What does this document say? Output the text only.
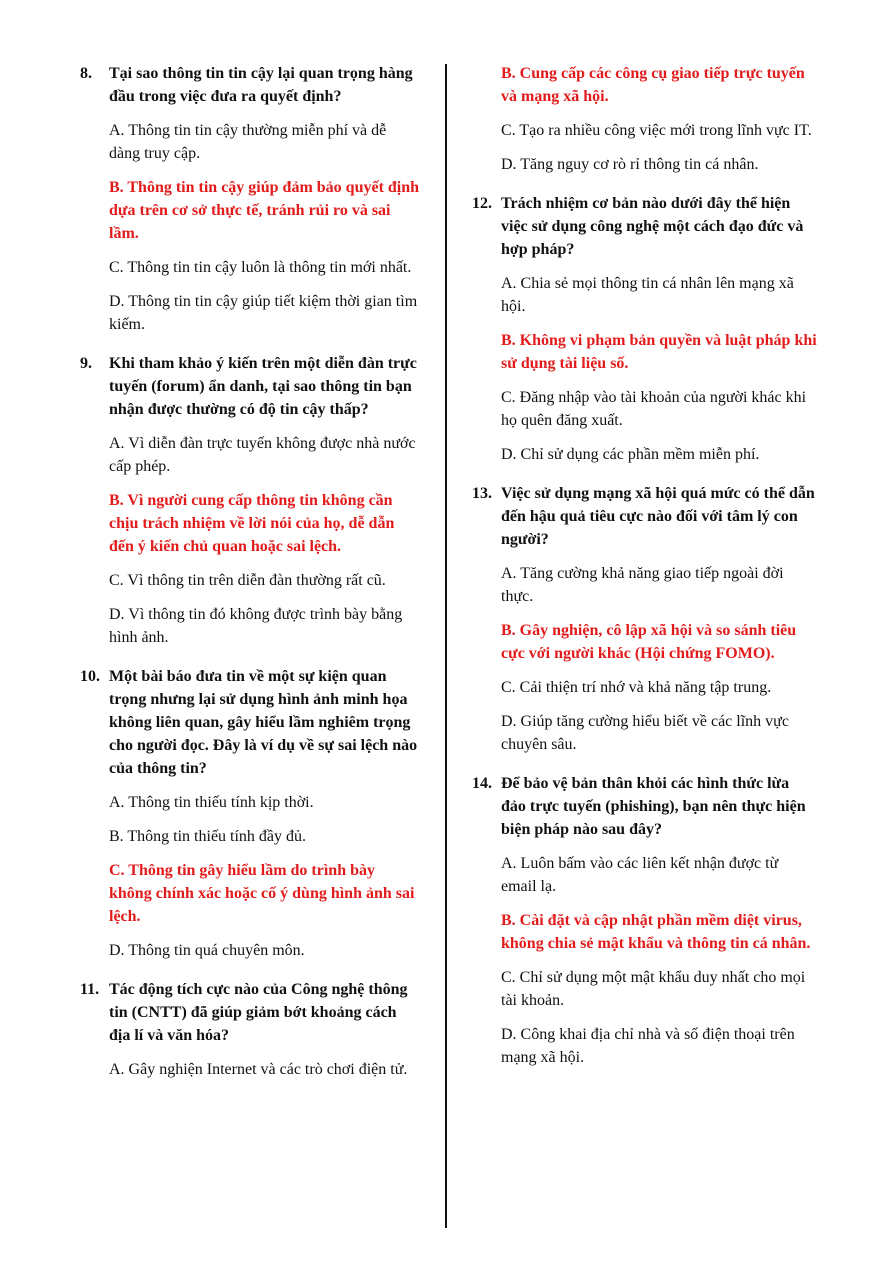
8. Tại sao thông tin tin cậy lại quan trọng hàng đầu trong việc đưa ra quyết định?
A. Thông tin tin cậy thường miễn phí và dễ dàng truy cập.
B. Thông tin tin cậy giúp đảm bảo quyết định dựa trên cơ sở thực tế, tránh rủi ro và sai lầm.
C. Thông tin tin cậy luôn là thông tin mới nhất.
D. Thông tin tin cậy giúp tiết kiệm thời gian tìm kiếm.
9. Khi tham khảo ý kiến trên một diễn đàn trực tuyến (forum) ẩn danh, tại sao thông tin bạn nhận được thường có độ tin cậy thấp?
A. Vì diễn đàn trực tuyến không được nhà nước cấp phép.
B. Vì người cung cấp thông tin không cần chịu trách nhiệm về lời nói của họ, dễ dẫn đến ý kiến chủ quan hoặc sai lệch.
C. Vì thông tin trên diễn đàn thường rất cũ.
D. Vì thông tin đó không được trình bày bằng hình ảnh.
10. Một bài báo đưa tin về một sự kiện quan trọng nhưng lại sử dụng hình ảnh minh họa không liên quan, gây hiểu lầm nghiêm trọng cho người đọc. Đây là ví dụ về sự sai lệch nào của thông tin?
A. Thông tin thiếu tính kịp thời.
B. Thông tin thiếu tính đầy đủ.
C. Thông tin gây hiểu lầm do trình bày không chính xác hoặc cố ý dùng hình ảnh sai lệch.
D. Thông tin quá chuyên môn.
11. Tác động tích cực nào của Công nghệ thông tin (CNTT) đã giúp giảm bớt khoảng cách địa lí và văn hóa?
A. Gây nghiện Internet và các trò chơi điện tử.
B. Cung cấp các công cụ giao tiếp trực tuyến và mạng xã hội.
C. Tạo ra nhiều công việc mới trong lĩnh vực IT.
D. Tăng nguy cơ rò rỉ thông tin cá nhân.
12. Trách nhiệm cơ bản nào dưới đây thể hiện việc sử dụng công nghệ một cách đạo đức và hợp pháp?
A. Chia sẻ mọi thông tin cá nhân lên mạng xã hội.
B. Không vi phạm bản quyền và luật pháp khi sử dụng tài liệu số.
C. Đăng nhập vào tài khoản của người khác khi họ quên đăng xuất.
D. Chỉ sử dụng các phần mềm miễn phí.
13. Việc sử dụng mạng xã hội quá mức có thể dẫn đến hậu quả tiêu cực nào đối với tâm lý con người?
A. Tăng cường khả năng giao tiếp ngoài đời thực.
B. Gây nghiện, cô lập xã hội và so sánh tiêu cực với người khác (Hội chứng FOMO).
C. Cải thiện trí nhớ và khả năng tập trung.
D. Giúp tăng cường hiểu biết về các lĩnh vực chuyên sâu.
14. Để bảo vệ bản thân khỏi các hình thức lừa đảo trực tuyến (phishing), bạn nên thực hiện biện pháp nào sau đây?
A. Luôn bấm vào các liên kết nhận được từ email lạ.
B. Cài đặt và cập nhật phần mềm diệt virus, không chia sẻ mật khẩu và thông tin cá nhân.
C. Chỉ sử dụng một mật khẩu duy nhất cho mọi tài khoản.
D. Công khai địa chỉ nhà và số điện thoại trên mạng xã hội.
